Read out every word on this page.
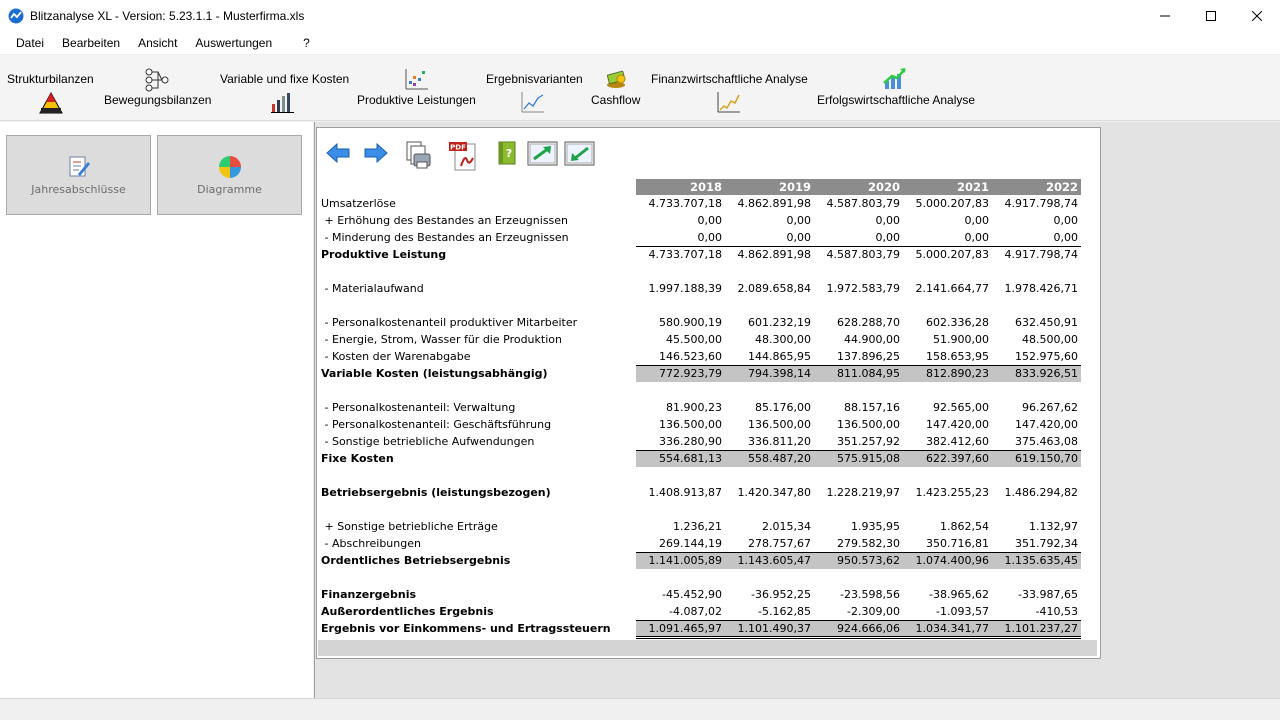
Blitzanalyse XL - Version: 5.23.1.1 - Musterfirma.xls
Datei	Bearbeiten	Ansicht	Auswertungen	?
Strukturbilanzen
Bewegungsbilanzen
Variable und fixe Kosten
Produktive Leistungen
Ergebnisvarianten
Cashflow
Finanzwirtschaftliche Analyse
Erfolgswirtschaftliche Analyse
Jahresabschlüsse	Diagramme
PDF	?
	2018	2019	2020	2021	2022
Umsatzerlöse	4.733.707,18	4.862.891,98	4.587.803,79	5.000.207,83	4.917.798,74
+ Erhöhung des Bestandes an Erzeugnissen	0,00	0,00	0,00	0,00	0,00
- Minderung des Bestandes an Erzeugnissen	0,00	0,00	0,00	0,00	0,00
Produktive Leistung	4.733.707,18	4.862.891,98	4.587.803,79	5.000.207,83	4.917.798,74

- Materialaufwand	1.997.188,39	2.089.658,84	1.972.583,79	2.141.664,77	1.978.426,71

- Personalkostenanteil produktiver Mitarbeiter	580.900,19	601.232,19	628.288,70	602.336,28	632.450,91
- Energie, Strom, Wasser für die Produktion	45.500,00	48.300,00	44.900,00	51.900,00	48.500,00
- Kosten der Warenabgabe	146.523,60	144.865,95	137.896,25	158.653,95	152.975,60
Variable Kosten (leistungsabhängig)	772.923,79	794.398,14	811.084,95	812.890,23	833.926,51

- Personalkostenanteil: Verwaltung	81.900,23	85.176,00	88.157,16	92.565,00	96.267,62
- Personalkostenanteil: Geschäftsführung	136.500,00	136.500,00	136.500,00	147.420,00	147.420,00
- Sonstige betriebliche Aufwendungen	336.280,90	336.811,20	351.257,92	382.412,60	375.463,08
Fixe Kosten	554.681,13	558.487,20	575.915,08	622.397,60	619.150,70

Betriebsergebnis (leistungsbezogen)	1.408.913,87	1.420.347,80	1.228.219,97	1.423.255,23	1.486.294,82

+ Sonstige betriebliche Erträge	1.236,21	2.015,34	1.935,95	1.862,54	1.132,97
- Abschreibungen	269.144,19	278.757,67	279.582,30	350.716,81	351.792,34
Ordentliches Betriebsergebnis	1.141.005,89	1.143.605,47	950.573,62	1.074.400,96	1.135.635,45

Finanzergebnis	-45.452,90	-36.952,25	-23.598,56	-38.965,62	-33.987,65
Außerordentliches Ergebnis	-4.087,02	-5.162,85	-2.309,00	-1.093,57	-410,53
Ergebnis vor Einkommens- und Ertragssteuern	1.091.465,97	1.101.490,37	924.666,06	1.034.341,77	1.101.237,27
